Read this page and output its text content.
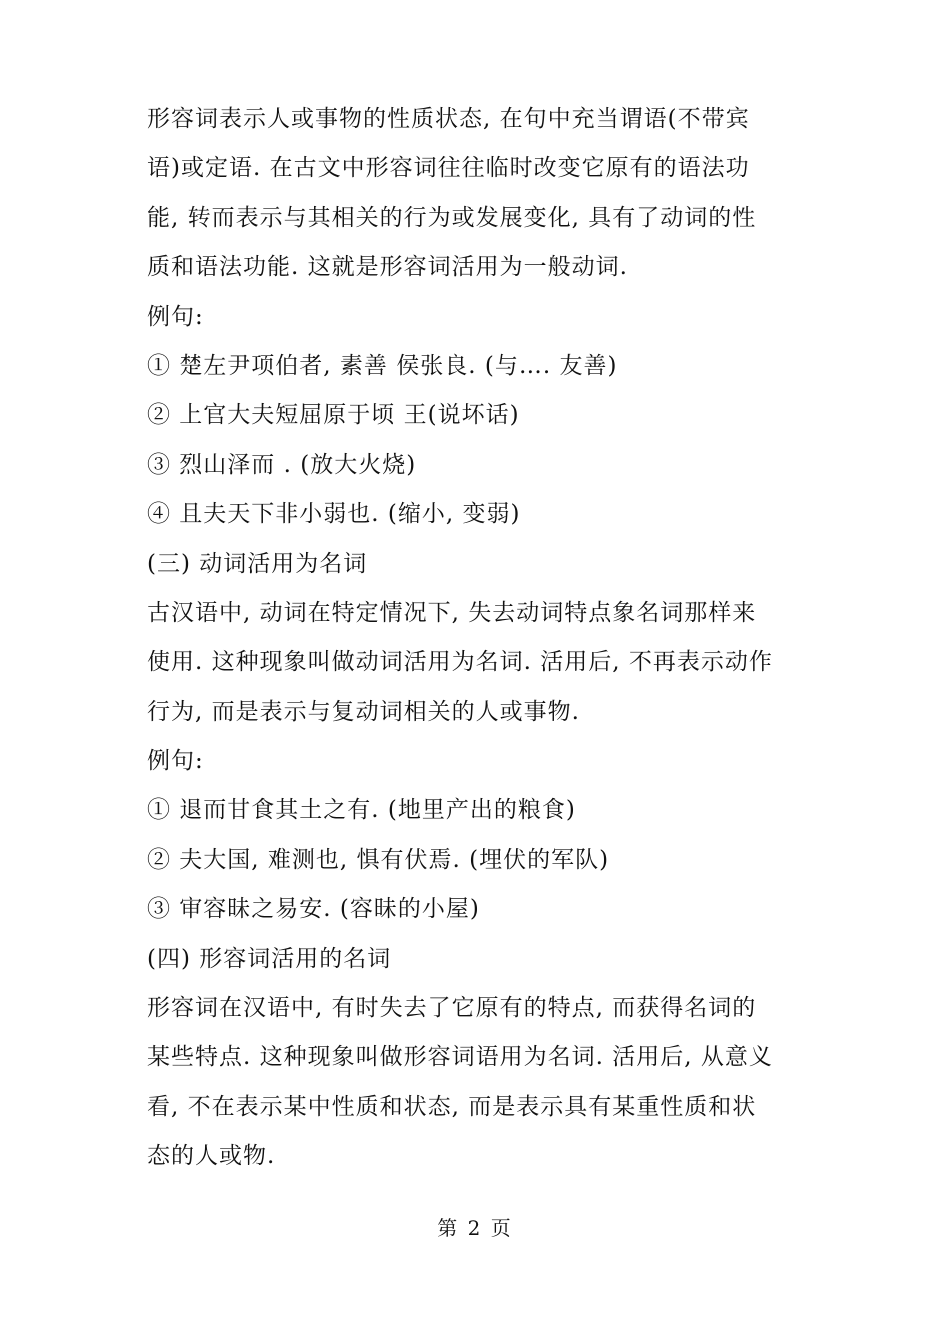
形容词表示人或事物的性质状态, 在句中充当谓语(不带宾
语)或定语. 在古文中形容词往往临时改变它原有的语法功
能, 转而表示与其相关的行为或发展变化, 具有了动词的性
质和语法功能. 这就是形容词活用为一般动词.
例句:
① 楚左尹项伯者, 素善 侯张良. (与…. 友善)
② 上官大夫短屈原于顷 王(说坏话)
③ 烈山泽而 . (放大火烧)
④ 且夫天下非小弱也. (缩小, 变弱)
(三) 动词活用为名词
古汉语中, 动词在特定情况下, 失去动词特点象名词那样来
使用. 这种现象叫做动词活用为名词. 活用后, 不再表示动作
行为, 而是表示与复动词相关的人或事物.
例句:
① 退而甘食其土之有. (地里产出的粮食)
② 夫大国, 难测也, 惧有伏焉. (埋伏的军队)
③ 审容昧之易安. (容昧的小屋)
(四) 形容词活用的名词
形容词在汉语中, 有时失去了它原有的特点, 而获得名词的
某些特点. 这种现象叫做形容词语用为名词. 活用后, 从意义
看, 不在表示某中性质和状态, 而是表示具有某重性质和状
态的人或物.
第 2 页
